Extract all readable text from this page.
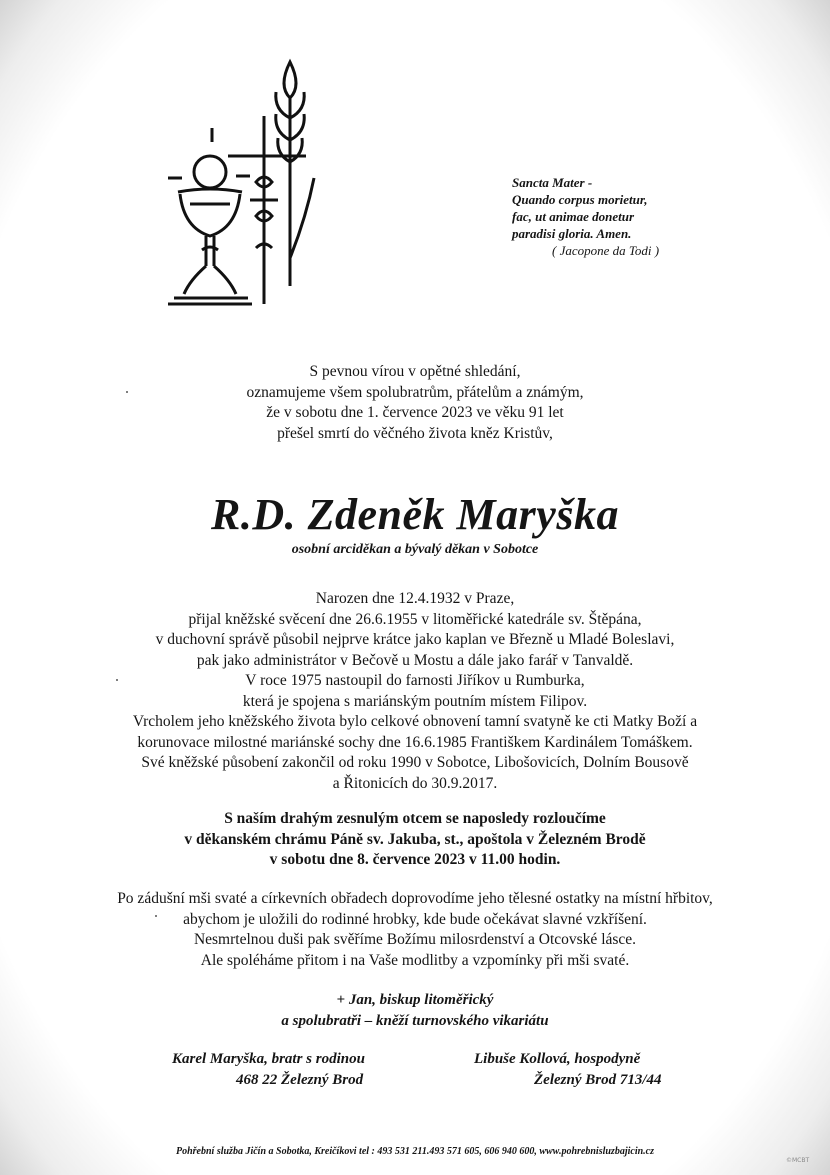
Sancta Mater -
Quando corpus morietur,
fac, ut animae donetur
paradisi gloria. Amen.
( Jacopone da Todi )
S pevnou vírou v opětné shledání,
oznamujeme všem spolubratrům, přátelům a známým,
že v sobotu dne 1. července 2023 ve věku 91 let
přešel smrtí do věčného života kněz Kristův,
R.D. Zdeněk Maryška
osobní arciděkan a bývalý děkan v Sobotce
Narozen dne 12.4.1932 v Praze,
přijal kněžské svěcení dne 26.6.1955 v litoměřické katedrále sv. Štěpána,
v duchovní správě působil nejprve krátce jako kaplan ve Březně u Mladé Boleslavi,
pak jako administrátor v Bečově u Mostu a dále jako farář v Tanvaldě.
V roce 1975 nastoupil do farnosti Jiříkov u Rumburka,
která je spojena s mariánským poutním místem Filipov.
Vrcholem jeho kněžského života bylo celkové obnovení tamní svatyně ke cti Matky Boží a
korunovace milostné mariánské sochy dne 16.6.1985 Františkem Kardinálem Tomáškem.
Své kněžské působení zakončil od roku 1990 v Sobotce, Libošovicích, Dolním Bousově
a Řitonicích do 30.9.2017.
S naším drahým zesnulým otcem se naposledy rozloučíme
v děkanském chrámu Páně sv. Jakuba, st., apoštola v Železném Brodě
v sobotu dne 8. července 2023 v 11.00 hodin.
Po zádušní mši svaté a církevních obřadech doprovodíme jeho tělesné ostatky na místní hřbitov,
abychom je uložili do rodinné hrobky, kde bude očekávat slavné vzkříšení.
Nesmrtelnou duši pak svěříme Božímu milosrdenství a Otcovské lásce.
Ale spoléháme přitom i na Vaše modlitby a vzpomínky při mši svaté.
+ Jan, biskup litoměřický
a spolubratři – kněží turnovského vikariátu
Karel Maryška, bratr s rodinou
468 22 Železný Brod
Libuše Kollová, hospodyně
Železný Brod 713/44
Pohřební služba Jičín a Sobotka, Kreičíkovi tel : 493 531 211.493 571 605, 606 940 600, www.pohrebnisluzbajicin.cz
©MCBT
